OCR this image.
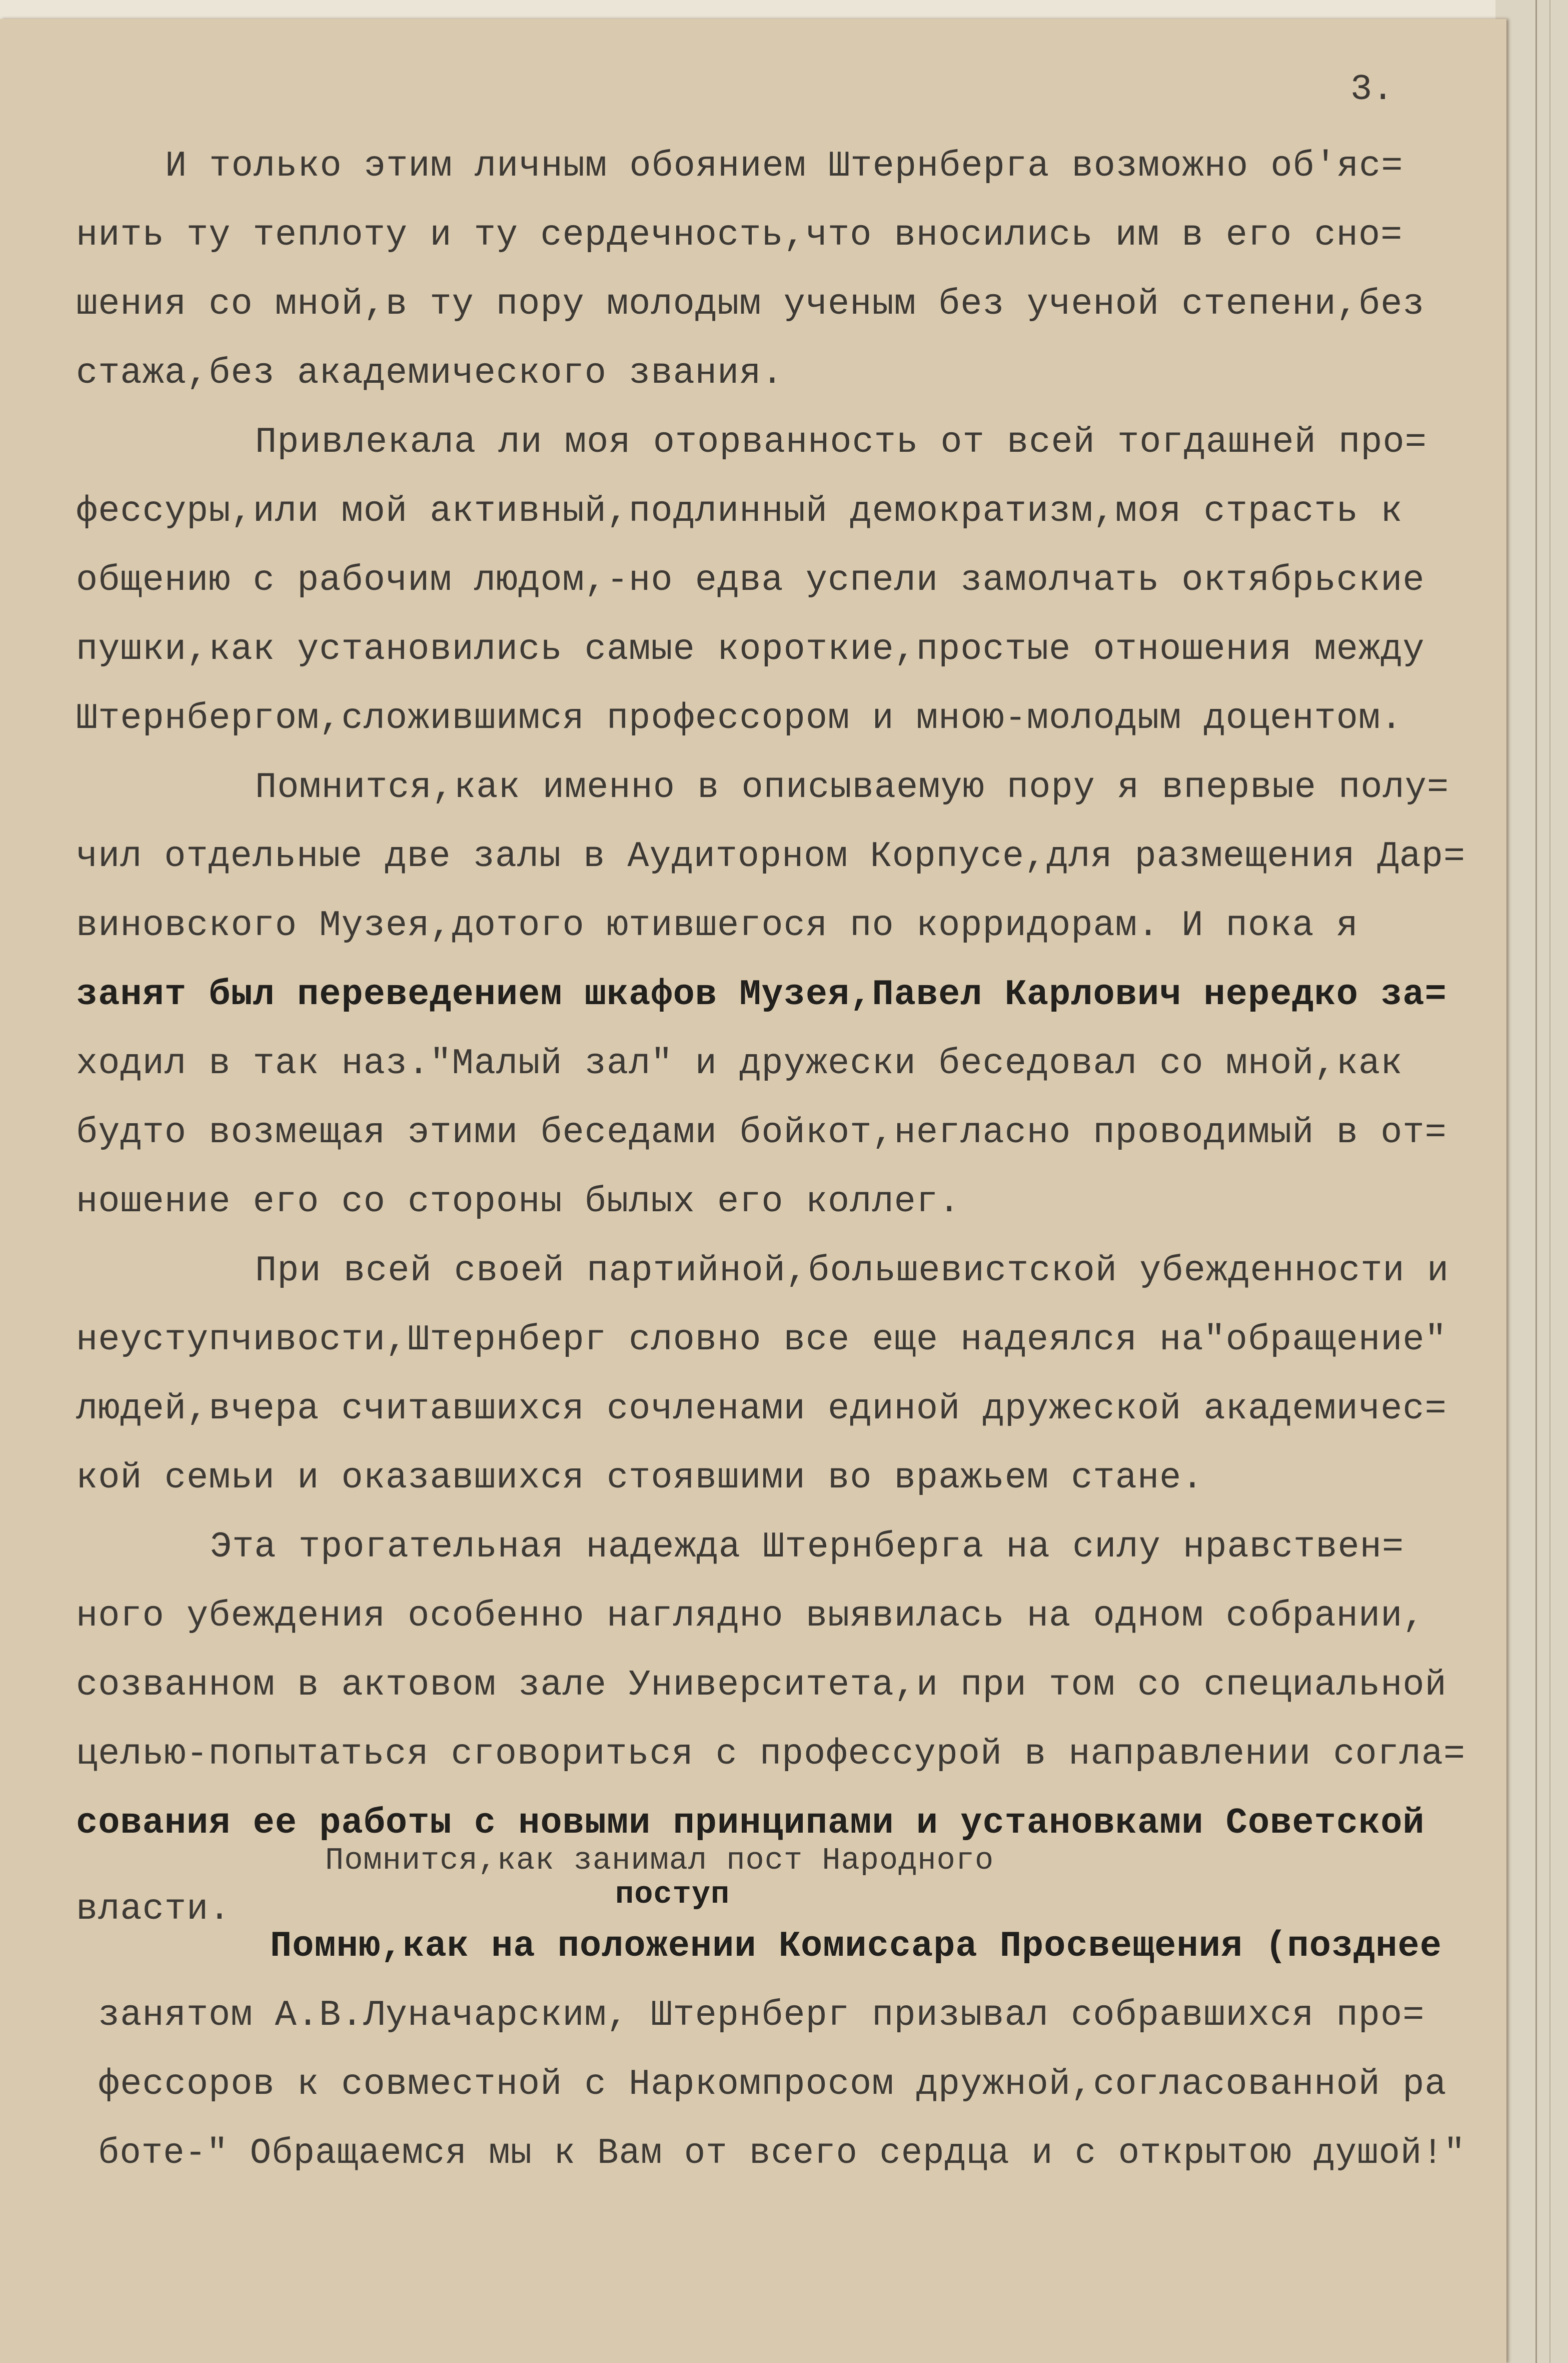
3.
И только этим личным обоянием Штернберга возможно об'яс=
нить ту теплоту и ту сердечность,что вносились им в его сно=
шения со мной,в ту пору молодым ученым без ученой степени,без
стажа,без академического звания.
Привлекала ли моя оторванность от всей тогдашней про=
фессуры,или мой активный,подлинный демократизм,моя страсть к
общению с рабочим людом,-но едва успели замолчать октябрьские
пушки,как установились самые короткие,простые отношения между
Штернбергом,сложившимся профессором и мною-молодым доцентом.
Помнится,как именно в описываемую пору я впервые полу=
чил отдельные две залы в Аудиторном Корпусе,для размещения Дар=
виновского Музея,дотого ютившегося по корридорам. И пока я
занят был переведением шкафов Музея,Павел Карлович нередко за=
ходил в так наз."Малый зал" и дружески беседовал со мной,как
будто возмещая этими беседами бойкот,негласно проводимый в от=
ношение его со стороны былых его коллег.
При всей своей партийной,большевистской убежденности и
неуступчивости,Штернберг словно все еще надеялся на"обращение"
людей,вчера считавшихся сочленами единой дружеской академичес=
кой семьи и оказавшихся стоявшими во вражьем стане.
Эта трогательная надежда Штернберга на силу нравствен=
ного убеждения особенно наглядно выявилась на одном собрании,
созванном в актовом зале Университета,и при том со специальной
целью-попытаться сговориться с профессурой в направлении согла=
сования ее работы с новыми принципами и установками Советской
Помнится,как занимал пост Народного
поступ
власти.
Помню,как на положении Комиссара Просвещения (позднее
занятом А.В.Луначарским, Штернберг призывал собравшихся про=
фессоров к совместной с Наркомпросом дружной,согласованной ра
боте-" Обращаемся мы к Вам от всего сердца и с открытою душой!"
